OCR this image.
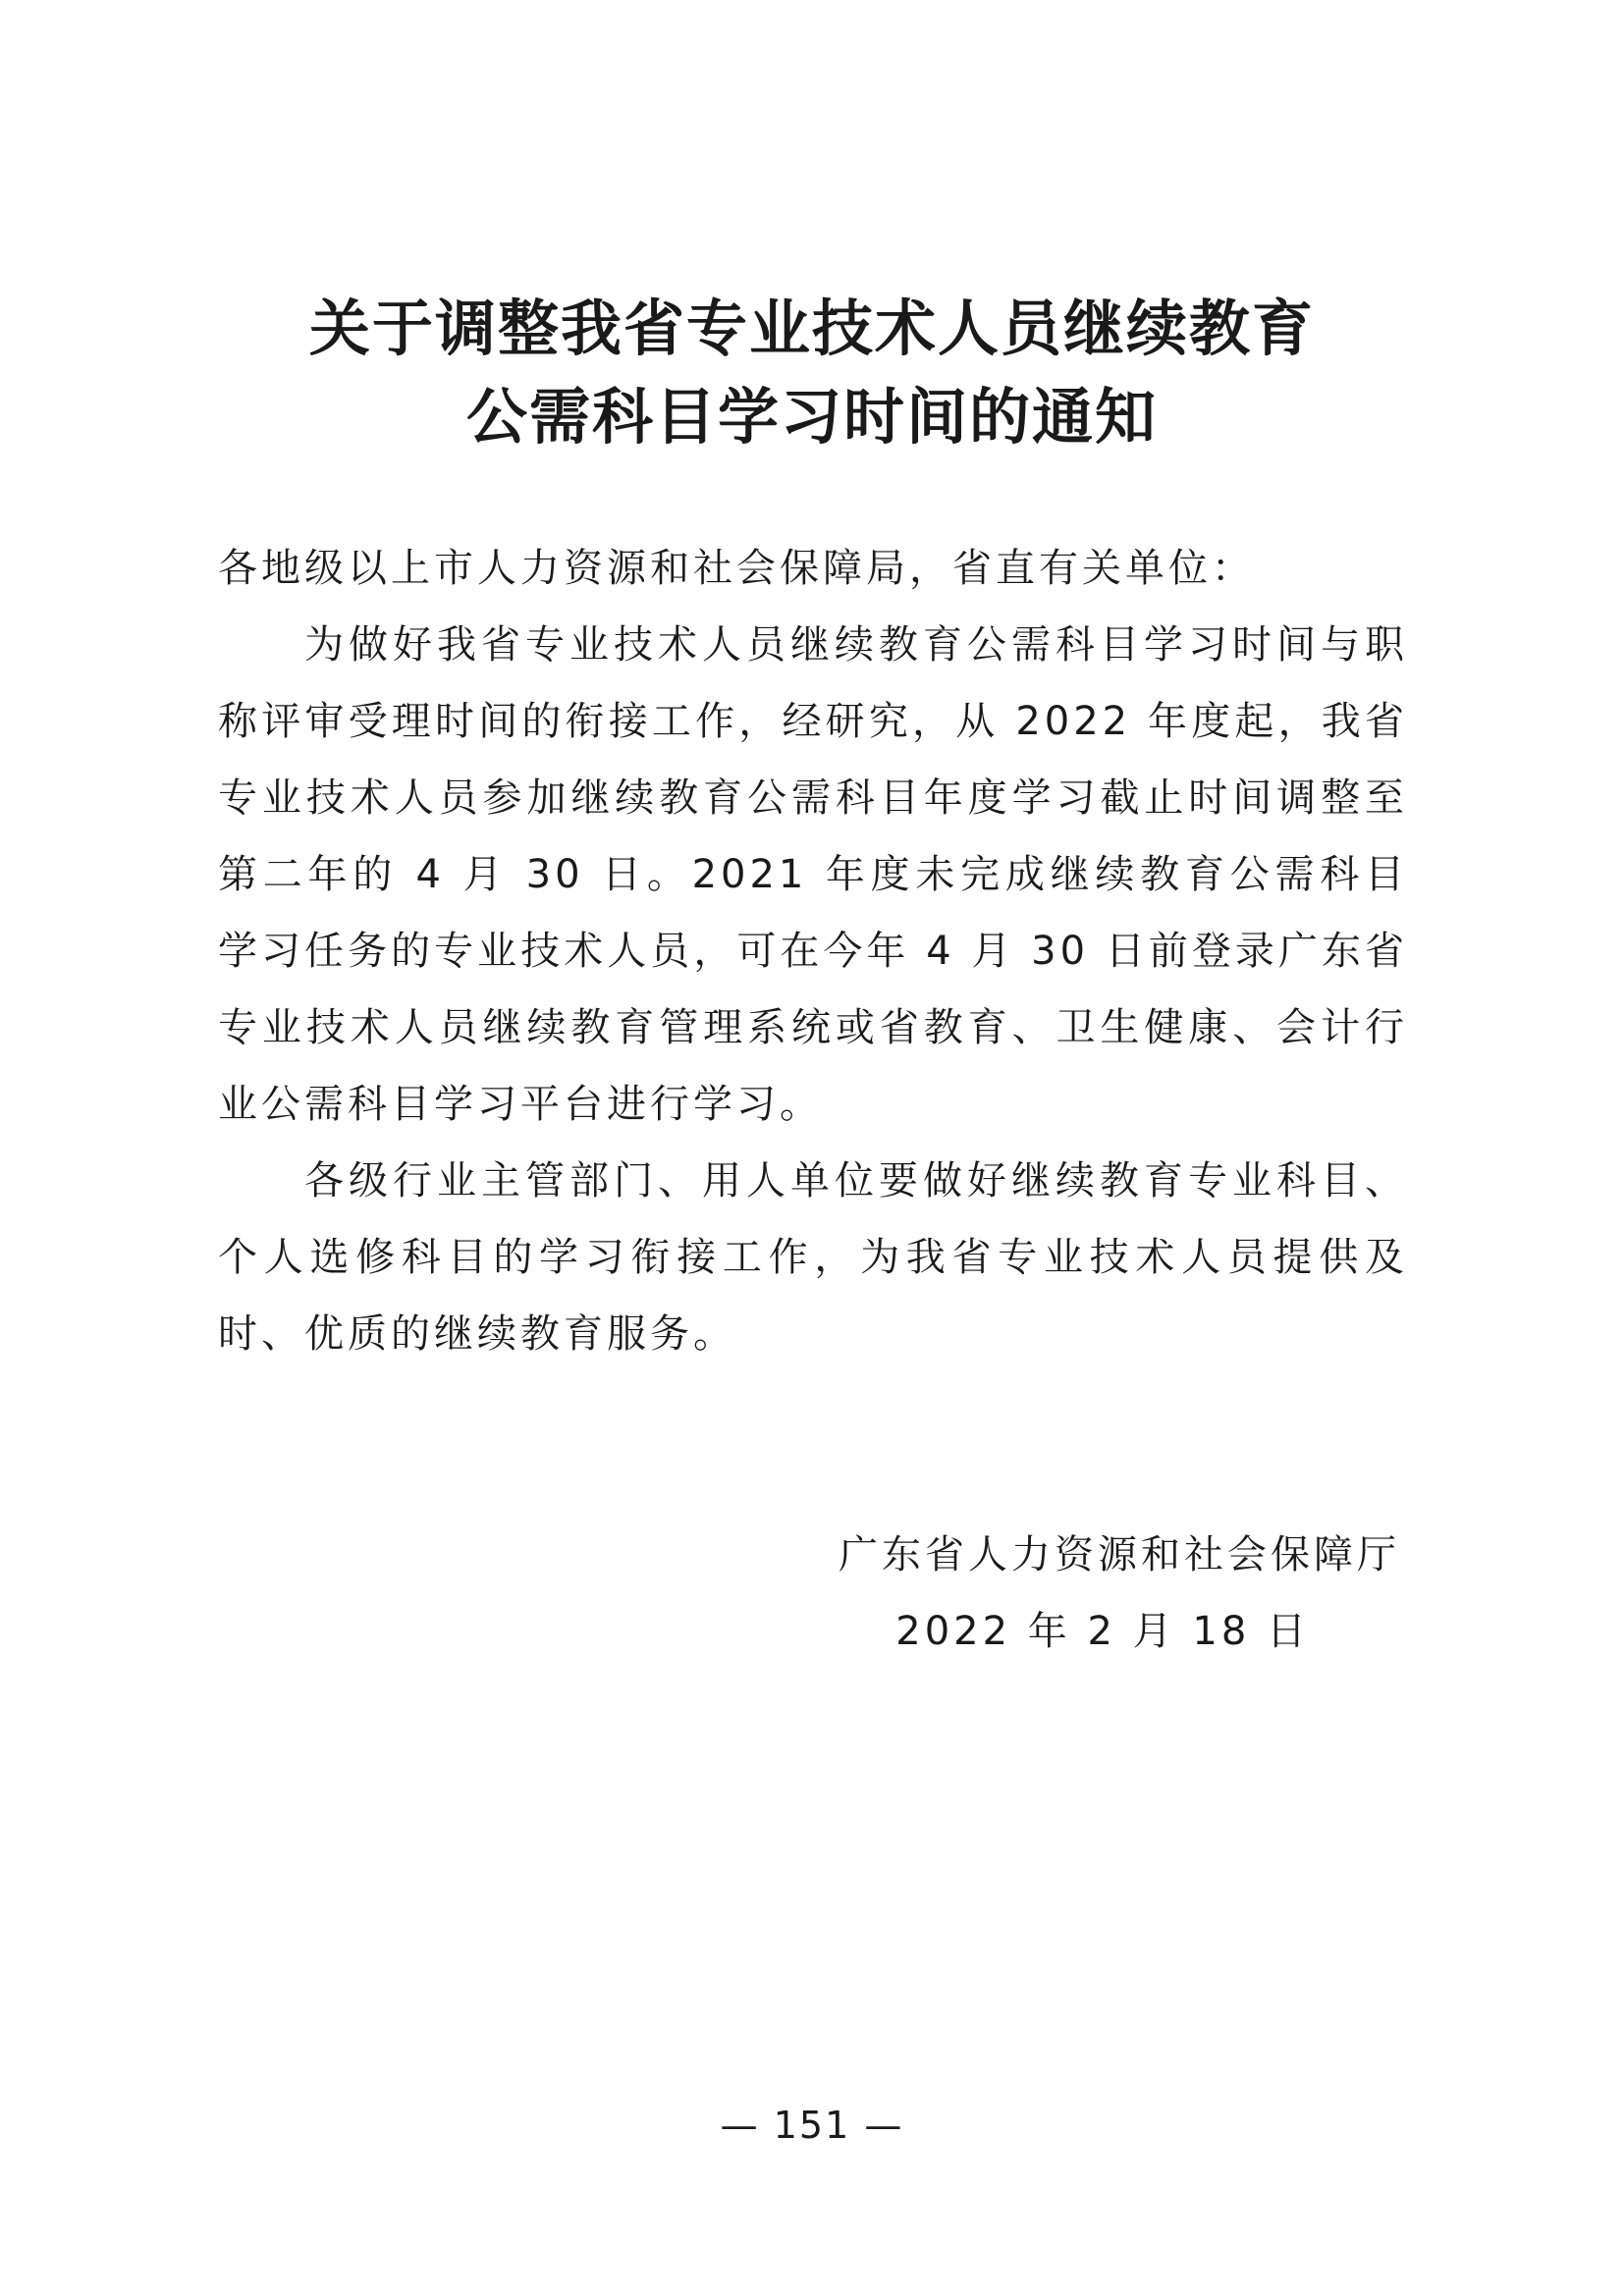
关于调整我省专业技术人员继续教育
公需科目学习时间的通知

各地级以上市人力资源和社会保障局，省直有关单位：

为做好我省专业技术人员继续教育公需科目学习时间与职称评审受理时间的衔接工作，经研究，从 2022 年度起，我省专业技术人员参加继续教育公需科目年度学习截止时间调整至第二年的 4 月 30 日。2021 年度未完成继续教育公需科目学习任务的专业技术人员，可在今年 4 月 30 日前登录广东省专业技术人员继续教育管理系统或省教育、卫生健康、会计行业公需科目学习平台进行学习。

各级行业主管部门、用人单位要做好继续教育专业科目、个人选修科目的学习衔接工作，为我省专业技术人员提供及时、优质的继续教育服务。

广东省人力资源和社会保障厅
2022 年 2 月 18 日
— 151 —
